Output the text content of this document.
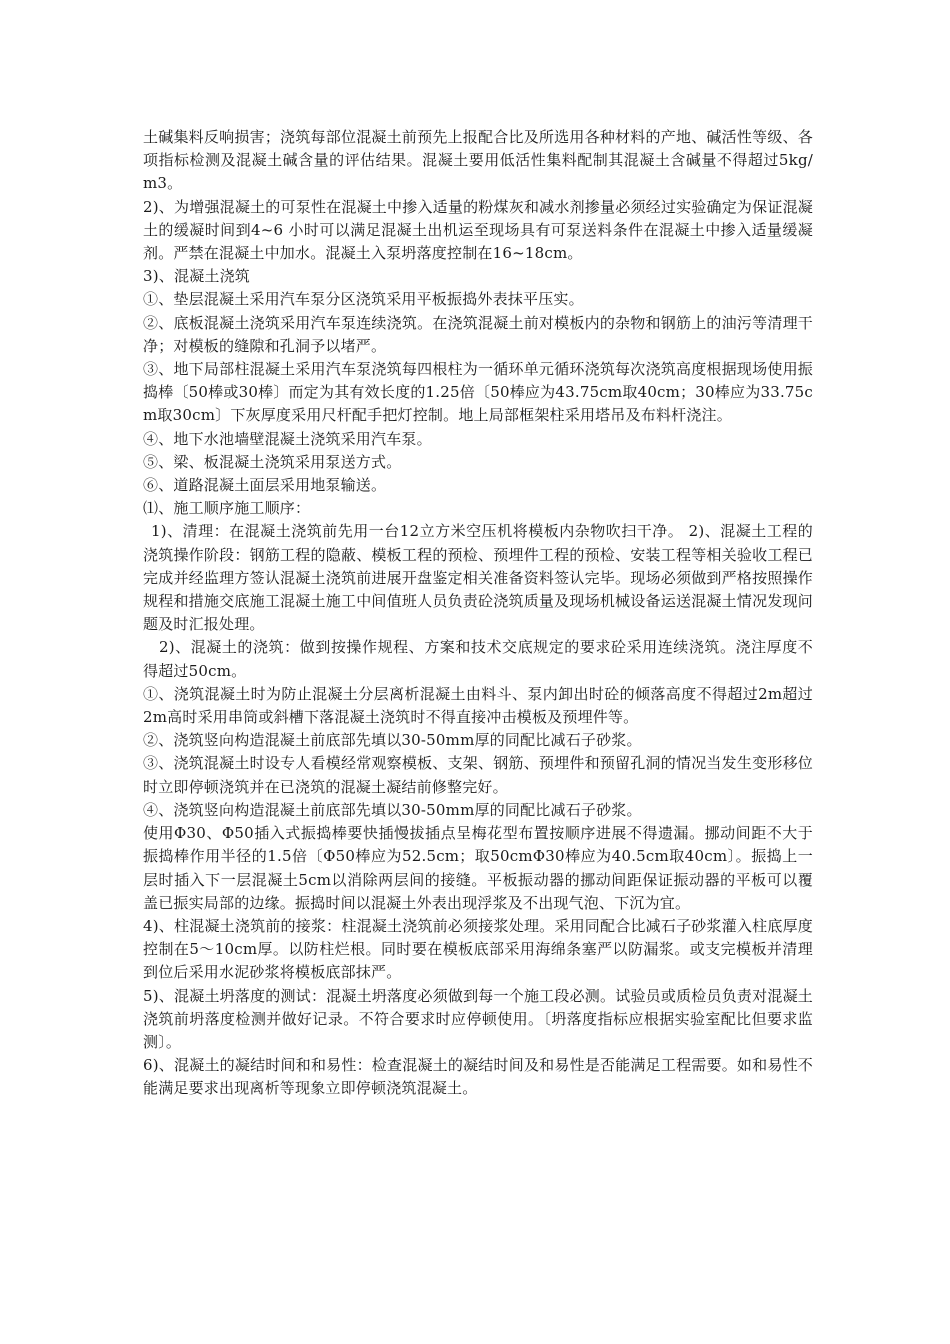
土碱集料反响损害；浇筑每部位混凝土前预先上报配合比及所选用各种材料的产地、碱活性等级、各项指标检测及混凝土碱含量的评估结果。混凝土要用低活性集料配制其混凝土含碱量不得超过5kg/m3。

2)、为增强混凝土的可泵性在混凝土中掺入适量的粉煤灰和减水剂掺量必须经过实验确定为保证混凝土的缓凝时间到4~6 小时可以满足混凝土出机运至现场具有可泵送料条件在混凝土中掺入适量缓凝剂。严禁在混凝土中加水。混凝土入泵坍落度控制在16~18cm。

3)、混凝土浇筑

①、垫层混凝土采用汽车泵分区浇筑采用平板振捣外表抹平压实。

②、底板混凝土浇筑采用汽车泵连续浇筑。在浇筑混凝土前对模板内的杂物和钢筋上的油污等清理干净；对模板的缝隙和孔洞予以堵严。

③、地下局部柱混凝土采用汽车泵浇筑每四根柱为一循环单元循环浇筑每次浇筑高度根据现场使用振捣棒〔50棒或30棒〕而定为其有效长度的1.25倍〔50棒应为43.75cm取40cm；30棒应为33.75cm取30cm〕下灰厚度采用尺杆配手把灯控制。地上局部框架柱采用塔吊及布料杆浇注。

④、地下水池墙壁混凝土浇筑采用汽车泵。

⑤、梁、板混凝土浇筑采用泵送方式。

⑥、道路混凝土面层采用地泵输送。

⑴、施工顺序施工顺序：

1)、清理：在混凝土浇筑前先用一台12立方米空压机将模板内杂物吹扫干净。 2)、混凝土工程的浇筑操作阶段：钢筋工程的隐蔽、模板工程的预检、预埋件工程的预检、安装工程等相关验收工程已完成并经监理方签认混凝土浇筑前进展开盘鉴定相关准备资料签认完毕。现场必须做到严格按照操作规程和措施交底施工混凝土施工中间值班人员负责砼浇筑质量及现场机械设备运送混凝土情况发现问题及时汇报处理。

2)、混凝土的浇筑：做到按操作规程、方案和技术交底规定的要求砼采用连续浇筑。浇注厚度不得超过50cm。

①、浇筑混凝土时为防止混凝土分层离析混凝土由料斗、泵内卸出时砼的倾落高度不得超过2m超过2m高时采用串筒或斜槽下落混凝土浇筑时不得直接冲击模板及预埋件等。

②、浇筑竖向构造混凝土前底部先填以30-50mm厚的同配比减石子砂浆。

③、浇筑混凝土时设专人看模经常观察模板、支架、钢筋、预埋件和预留孔洞的情况当发生变形移位时立即停顿浇筑并在已浇筑的混凝土凝结前修整完好。

④、浇筑竖向构造混凝土前底部先填以30-50mm厚的同配比减石子砂浆。

使用Φ30、Φ50插入式振捣棒要快插慢拔插点呈梅花型布置按顺序进展不得遗漏。挪动间距不大于振捣棒作用半径的1.5倍〔Φ50棒应为52.5cm；取50cmΦ30棒应为40.5cm取40cm〕。振捣上一层时插入下一层混凝土5cm以消除两层间的接缝。平板振动器的挪动间距保证振动器的平板可以覆盖已振实局部的边缘。振捣时间以混凝土外表出现浮浆及不出现气泡、下沉为宜。

4)、柱混凝土浇筑前的接浆：柱混凝土浇筑前必须接浆处理。采用同配合比减石子砂浆灌入柱底厚度控制在5～10cm厚。以防柱烂根。同时要在模板底部采用海绵条塞严以防漏浆。或支完模板并清理到位后采用水泥砂浆将模板底部抹严。

5)、混凝土坍落度的测试：混凝土坍落度必须做到每一个施工段必测。试验员或质检员负责对混凝土浇筑前坍落度检测并做好记录。不符合要求时应停顿使用。〔坍落度指标应根据实验室配比但要求监测〕。

6)、混凝土的凝结时间和和易性：检查混凝土的凝结时间及和易性是否能满足工程需要。如和易性不能满足要求出现离析等现象立即停顿浇筑混凝土。
